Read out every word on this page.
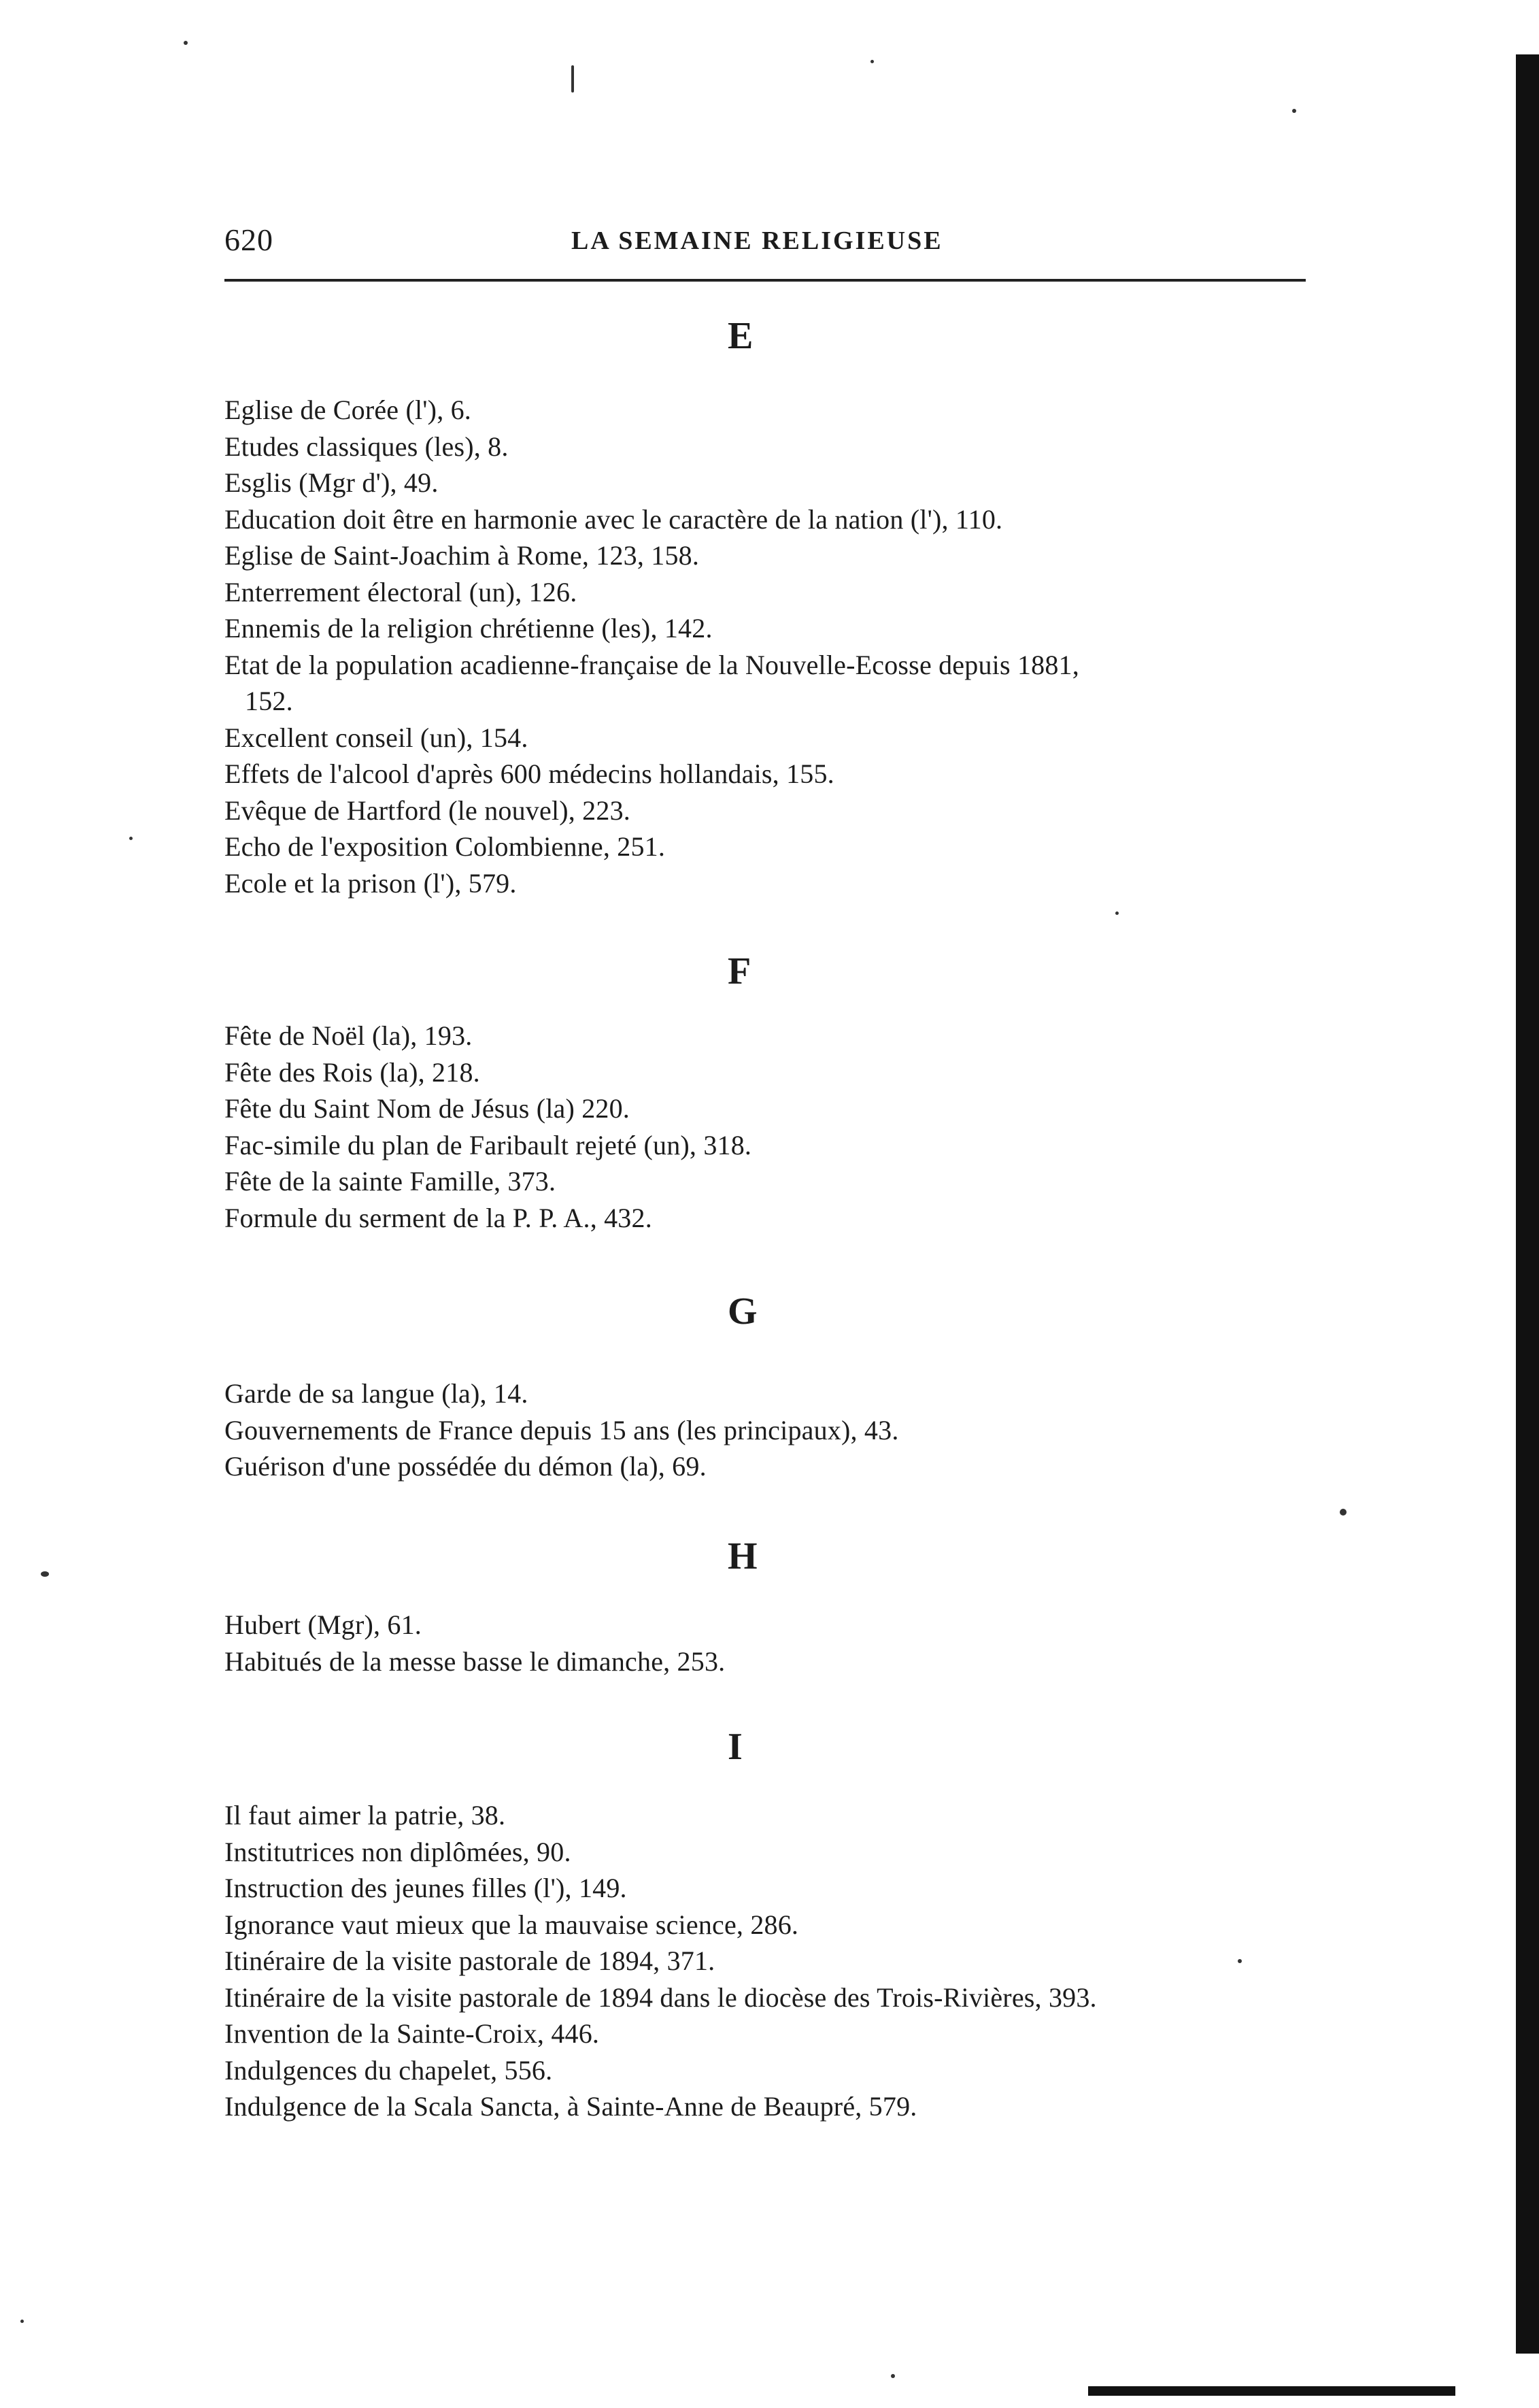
620	LA SEMAINE RELIGIEUSE
E
Eglise de Corée (l'), 6.
Etudes classiques (les), 8.
Esglis (Mgr d'), 49.
Education doit être en harmonie avec le caractère de la nation (l'), 110.
Eglise de Saint-Joachim à Rome, 123, 158.
Enterrement électoral (un), 126.
Ennemis de la religion chrétienne (les), 142.
Etat de la population acadienne-française de la Nouvelle-Ecosse depuis 1881,
152.
Excellent conseil (un), 154.
Effets de l'alcool d'après 600 médecins hollandais, 155.
Evêque de Hartford (le nouvel), 223.
Echo de l'exposition Colombienne, 251.
Ecole et la prison (l'), 579.
F
Fête de Noël (la), 193.
Fête des Rois (la), 218.
Fête du Saint Nom de Jésus (la) 220.
Fac-simile du plan de Faribault rejeté (un), 318.
Fête de la sainte Famille, 373.
Formule du serment de la P. P. A., 432.
G
Garde de sa langue (la), 14.
Gouvernements de France depuis 15 ans (les principaux), 43.
Guérison d'une possédée du démon (la), 69.
H
Hubert (Mgr), 61.
Habitués de la messe basse le dimanche, 253.
I
Il faut aimer la patrie, 38.
Institutrices non diplômées, 90.
Instruction des jeunes filles (l'), 149.
Ignorance vaut mieux que la mauvaise science, 286.
Itinéraire de la visite pastorale de 1894, 371.
Itinéraire de la visite pastorale de 1894 dans le diocèse des Trois-Rivières, 393.
Invention de la Sainte-Croix, 446.
Indulgences du chapelet, 556.
Indulgence de la Scala Sancta, à Sainte-Anne de Beaupré, 579.
